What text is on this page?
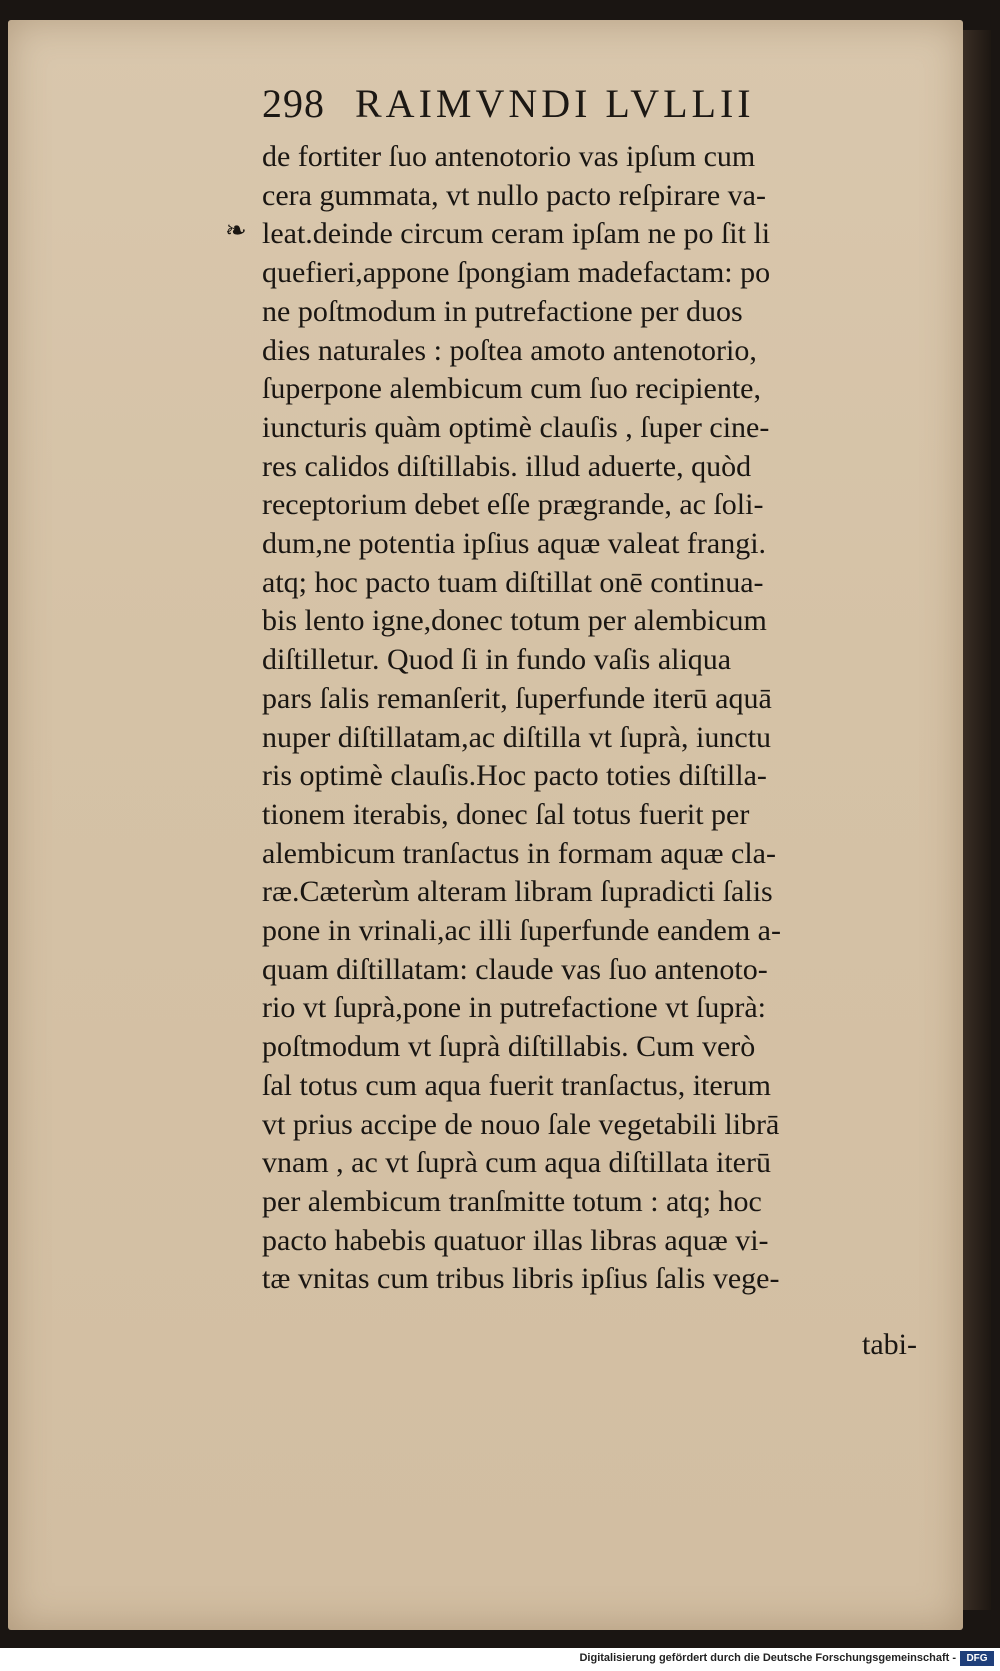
298 RAIMVNDI LVLLII
❧
de fortiter ſuo antenotorio vas ipſum cum
cera gummata, vt nullo pacto reſpirare va-
leat.deinde circum ceram ipſam ne po ſit li
quefieri,appone ſpongiam madefactam: po
ne poſtmodum in putrefactione per duos
dies naturales : poſtea amoto antenotorio,
ſuperpone alembicum cum ſuo recipiente,
iuncturis quàm optimè clauſis , ſuper cine-
res calidos diſtillabis. illud aduerte, quòd
receptorium debet eſſe prægrande, ac ſoli-
dum,ne potentia ipſius aquæ valeat frangi.
atq; hoc pacto tuam diſtillat onē continua-
bis lento igne,donec totum per alembicum
diſtilletur. Quod ſi in fundo vaſis aliqua
pars ſalis remanſerit, ſuperfunde iterū aquā
nuper diſtillatam,ac diſtilla vt ſuprà, iunctu
ris optimè clauſis.Hoc pacto toties diſtilla-
tionem iterabis, donec ſal totus fuerit per
alembicum tranſactus in formam aquæ cla-
ræ.Cæterùm alteram libram ſupradicti ſalis
pone in vrinali,ac illi ſuperfunde eandem a-
quam diſtillatam: claude vas ſuo antenoto-
rio vt ſuprà,pone in putrefactione vt ſuprà:
poſtmodum vt ſuprà diſtillabis. Cum verò
ſal totus cum aqua fuerit tranſactus, iterum
vt prius accipe de nouo ſale vegetabili librā
vnam , ac vt ſuprà cum aqua diſtillata iterū
per alembicum tranſmitte totum : atq; hoc
pacto habebis quatuor illas libras aquæ vi-
tæ vnitas cum tribus libris ipſius ſalis vege-
tabi-
Digitalisierung gefördert durch die Deutsche Forschungsgemeinschaft -	DFG
